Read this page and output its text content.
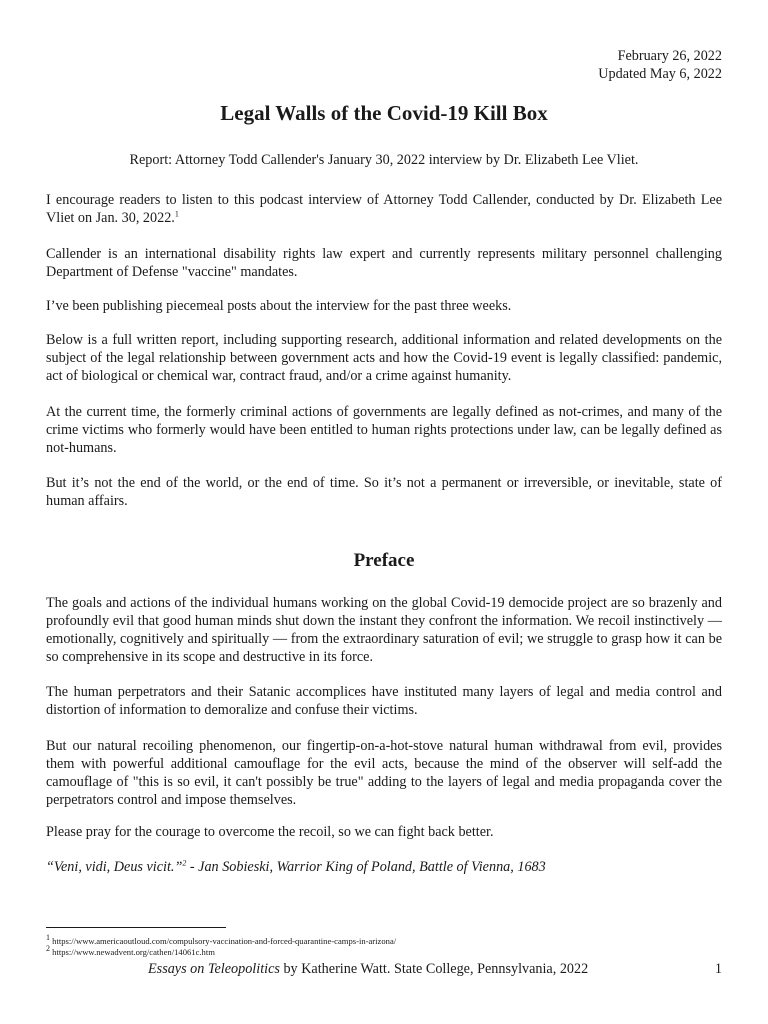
February 26, 2022
Updated May 6, 2022
Legal Walls of the Covid-19 Kill Box
Report: Attorney Todd Callender's January 30, 2022 interview by Dr. Elizabeth Lee Vliet.

I encourage readers to listen to this podcast interview of Attorney Todd Callender, conducted by Dr. Elizabeth Lee Vliet on Jan. 30, 2022.$^1$

Callender is an international disability rights law expert and currently represents military personnel challenging Department of Defense "vaccine" mandates.

I’ve been publishing piecemeal posts about the interview for the past three weeks.

Below is a full written report, including supporting research, additional information and related developments on the subject of the legal relationship between government acts and how the Covid-19 event is legally classified: pandemic, act of biological or chemical war, contract fraud, and/or a crime against humanity.

At the current time, the formerly criminal actions of governments are legally defined as not-crimes, and many of the crime victims who formerly would have been entitled to human rights protections under law, can be legally defined as not-humans.

But it’s not the end of the world, or the end of time. So it’s not a permanent or irreversible, or inevitable, state of human affairs.

Preface

The goals and actions of the individual humans working on the global Covid-19 democide project are so brazenly and profoundly evil that good human minds shut down the instant they confront the information. We recoil instinctively — emotionally, cognitively and spiritually — from the extraordinary saturation of evil; we struggle to grasp how it can be so comprehensive in its scope and destructive in its force.

The human perpetrators and their Satanic accomplices have instituted many layers of legal and media control and distortion of information to demoralize and confuse their victims.

But our natural recoiling phenomenon, our fingertip-on-a-hot-stove natural human withdrawal from evil, provides them with powerful additional camouflage for the evil acts, because the mind of the observer will self-add the camouflage of "this is so evil, it can't possibly be true" adding to the layers of legal and media propaganda cover the perpetrators control and impose themselves.

Please pray for the courage to overcome the recoil, so we can fight back better.

“Veni, vidi, Deus vicit.”$^2$ - Jan Sobieski, Warrior King of Poland, Battle of Vienna, 1683

$^1$ https://www.americaoutloud.com/compulsory-vaccination-and-forced-quarantine-camps-in-arizona/
$^2$ https://www.newadvent.org/cathen/14061c.htm
Essays on Teleopolitics by Katherine Watt. State College, Pennsylvania, 2022	1
